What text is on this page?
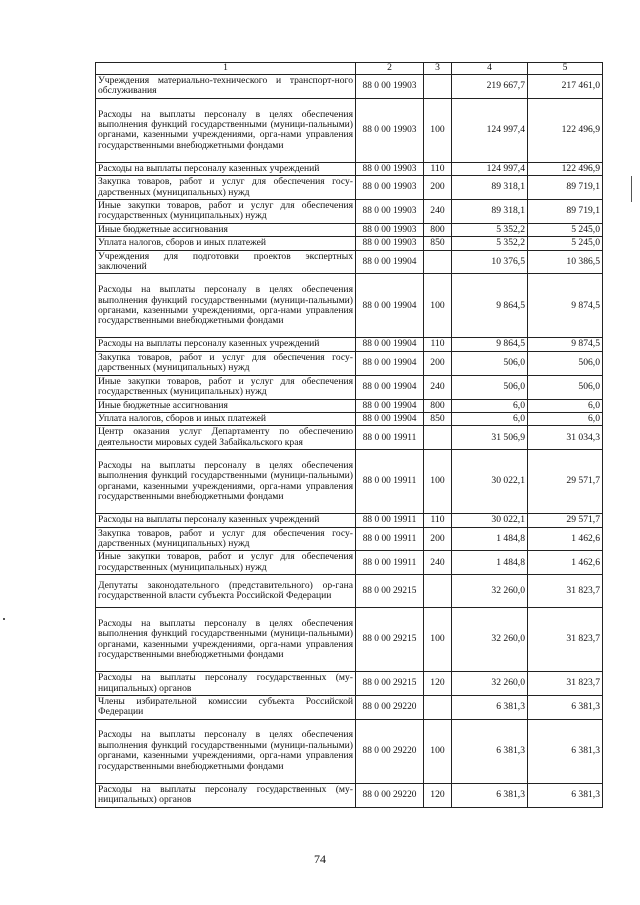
1	2	3	4	5
Учреждения материально-технического и транспорт-ного обслуживания	88 0 00 19903		219 667,7	217 461,0
Расходы на выплаты персоналу в целях обеспечения выполнения функций государственными (муници-пальными) органами, казенными учреждениями, орга-нами управления государственными внебюджетными фондами	88 0 00 19903	100	124 997,4	122 496,9
Расходы на выплаты персоналу казенных учреждений	88 0 00 19903	110	124 997,4	122 496,9
Закупка товаров, работ и услуг для обеспечения госу-дарственных (муниципальных) нужд	88 0 00 19903	200	89 318,1	89 719,1
Иные закупки товаров, работ и услуг для обеспечения государственных (муниципальных) нужд	88 0 00 19903	240	89 318,1	89 719,1
Иные бюджетные ассигнования	88 0 00 19903	800	5 352,2	5 245,0
Уплата налогов, сборов и иных платежей	88 0 00 19903	850	5 352,2	5 245,0
Учреждения для подготовки проектов экспертных заключений	88 0 00 19904		10 376,5	10 386,5
Расходы на выплаты персоналу в целях обеспечения выполнения функций государственными (муници-пальными) органами, казенными учреждениями, орга-нами управления государственными внебюджетными фондами	88 0 00 19904	100	9 864,5	9 874,5
Расходы на выплаты персоналу казенных учреждений	88 0 00 19904	110	9 864,5	9 874,5
Закупка товаров, работ и услуг для обеспечения госу-дарственных (муниципальных) нужд	88 0 00 19904	200	506,0	506,0
Иные закупки товаров, работ и услуг для обеспечения государственных (муниципальных) нужд	88 0 00 19904	240	506,0	506,0
Иные бюджетные ассигнования	88 0 00 19904	800	6,0	6,0
Уплата налогов, сборов и иных платежей	88 0 00 19904	850	6,0	6,0
Центр оказания услуг Департаменту по обеспечению деятельности мировых судей Забайкальского края	88 0 00 19911		31 506,9	31 034,3
Расходы на выплаты персоналу в целях обеспечения выполнения функций государственными (муници-пальными) органами, казенными учреждениями, орга-нами управления государственными внебюджетными фондами	88 0 00 19911	100	30 022,1	29 571,7
Расходы на выплаты персоналу казенных учреждений	88 0 00 19911	110	30 022,1	29 571,7
Закупка товаров, работ и услуг для обеспечения госу-дарственных (муниципальных) нужд	88 0 00 19911	200	1 484,8	1 462,6
Иные закупки товаров, работ и услуг для обеспечения государственных (муниципальных) нужд	88 0 00 19911	240	1 484,8	1 462,6
Депутаты законодательного (представительного) ор-гана государственной власти субъекта Российской Федерации	88 0 00 29215		32 260,0	31 823,7
Расходы на выплаты персоналу в целях обеспечения выполнения функций государственными (муници-пальными) органами, казенными учреждениями, орга-нами управления государственными внебюджетными фондами	88 0 00 29215	100	32 260,0	31 823,7
Расходы на выплаты персоналу государственных (му-ниципальных) органов	88 0 00 29215	120	32 260,0	31 823,7
Члены избирательной комиссии субъекта Российской Федерации	88 0 00 29220		6 381,3	6 381,3
Расходы на выплаты персоналу в целях обеспечения выполнения функций государственными (муници-пальными) органами, казенными учреждениями, орга-нами управления государственными внебюджетными фондами	88 0 00 29220	100	6 381,3	6 381,3
Расходы на выплаты персоналу государственных (му-ниципальных) органов	88 0 00 29220	120	6 381,3	6 381,3
74
